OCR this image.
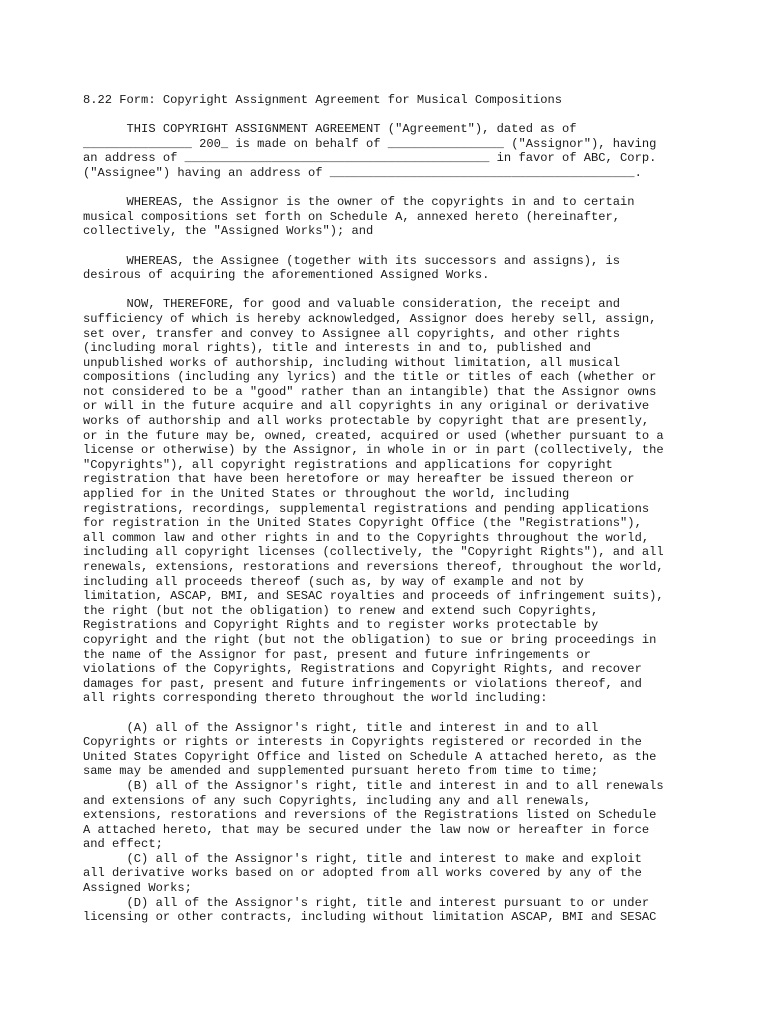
8.22 Form: Copyright Assignment Agreement for Musical Compositions
THIS COPYRIGHT ASSIGNMENT AGREEMENT ("Agreement"), dated as of
_______________ 200_ is made on behalf of ________________ ("Assignor"), having
an address of __________________________________________ in favor of ABC, Corp.
("Assignee") having an address of __________________________________________.
WHEREAS, the Assignor is the owner of the copyrights in and to certain
musical compositions set forth on Schedule A, annexed hereto (hereinafter,
collectively, the "Assigned Works"); and
WHEREAS, the Assignee (together with its successors and assigns), is
desirous of acquiring the aforementioned Assigned Works.
NOW, THEREFORE, for good and valuable consideration, the receipt and
sufficiency of which is hereby acknowledged, Assignor does hereby sell, assign,
set over, transfer and convey to Assignee all copyrights, and other rights
(including moral rights), title and interests in and to, published and
unpublished works of authorship, including without limitation, all musical
compositions (including any lyrics) and the title or titles of each (whether or
not considered to be a "good" rather than an intangible) that the Assignor owns
or will in the future acquire and all copyrights in any original or derivative
works of authorship and all works protectable by copyright that are presently,
or in the future may be, owned, created, acquired or used (whether pursuant to a
license or otherwise) by the Assignor, in whole in or in part (collectively, the
"Copyrights"), all copyright registrations and applications for copyright
registration that have been heretofore or may hereafter be issued thereon or
applied for in the United States or throughout the world, including
registrations, recordings, supplemental registrations and pending applications
for registration in the United States Copyright Office (the "Registrations"),
all common law and other rights in and to the Copyrights throughout the world,
including all copyright licenses (collectively, the "Copyright Rights"), and all
renewals, extensions, restorations and reversions thereof, throughout the world,
including all proceeds thereof (such as, by way of example and not by
limitation, ASCAP, BMI, and SESAC royalties and proceeds of infringement suits),
the right (but not the obligation) to renew and extend such Copyrights,
Registrations and Copyright Rights and to register works protectable by
copyright and the right (but not the obligation) to sue or bring proceedings in
the name of the Assignor for past, present and future infringements or
violations of the Copyrights, Registrations and Copyright Rights, and recover
damages for past, present and future infringements or violations thereof, and
all rights corresponding thereto throughout the world including:
(A) all of the Assignor's right, title and interest in and to all
Copyrights or rights or interests in Copyrights registered or recorded in the
United States Copyright Office and listed on Schedule A attached hereto, as the
same may be amended and supplemented pursuant hereto from time to time;
(B) all of the Assignor's right, title and interest in and to all renewals
and extensions of any such Copyrights, including any and all renewals,
extensions, restorations and reversions of the Registrations listed on Schedule
A attached hereto, that may be secured under the law now or hereafter in force
and effect;
(C) all of the Assignor's right, title and interest to make and exploit
all derivative works based on or adopted from all works covered by any of the
Assigned Works;
(D) all of the Assignor's right, title and interest pursuant to or under
licensing or other contracts, including without limitation ASCAP, BMI and SESAC
